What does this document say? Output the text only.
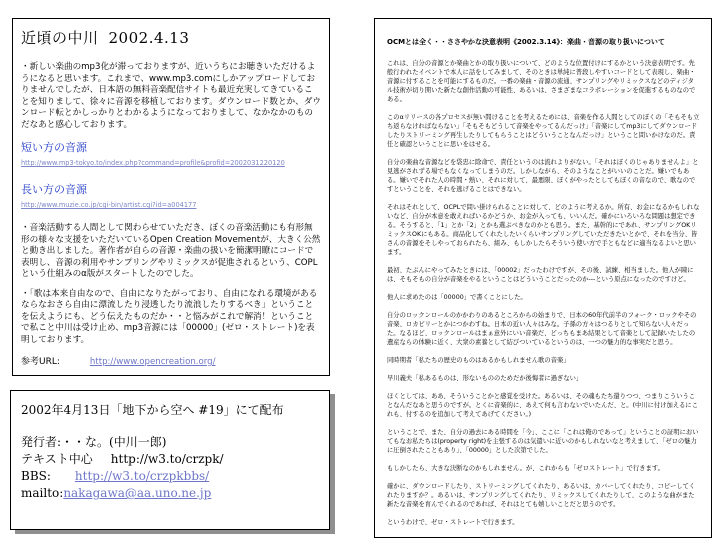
近頃の中川 2002.4.13

・新しい楽曲のmp3化が滞っておりますが、近いうちにお聴きいただけるようになると思います。これまで、www.mp3.comにしかアップロードしておりませんでしたが、日本語の無料音楽配信サイトも最近充実してきていることを知りまして、徐々に音源を移植しております。ダウンロード数とか、ダウンロード転とかしっかりとわかるようになっておりまして、なかなかのものだなあと感心しております。

短い方の音源
http://www.mp3-tokyo.to/index.php?command=profile&profid=2002031220120
長い方の音源
http://www.muzie.co.jp/cgi-bin/artist.cgi?id=a004177

・音楽活動する人間として関わらせていただき、ぼくの音楽活動にも有形無形の様々な支援をいただいているOpen Creation Movementが、大きく公然と動き出しました。著作者が自らの音源・楽曲の扱いを簡潔明瞭にコードで表明し、音源の利用やサンプリングやリミックスが促進されるという、COPLという仕組みのα版がスタートしたのでした。

・「歌は本来自由なので、自由になりたがっており、自由になれる環境があるならなおさら自由に漂流したり浸透したり流浪したりするべき」ということを伝えようにも、どう伝えたものだか・・と悩みがこれで解消！ということで私こと中川は受け止め、mp3音源には「00000」(ゼロ・ストレート)を表明しております。

参考URL:	http://www.opencreation.org/
2002年4月13日「地下から空へ #19」にて配布
発行者:・・な。(中川一郎)
テキスト中心 http://w3.to/crzpk/
BBS: http://w3.to/crzpkbbs/
mailto:nakagawa@aa.uno.ne.jp
OCMとは全く・・ささやかな決意表明《2002.3.14》：楽曲・音源の取り扱いについて

これは、自分の音源とか楽曲とかの取り扱いについて、どのような位置付けにするかという決意表明です。先般行われたイベントで本人に話をしてみまして、そのときは単純に普段しやすいコードとして表現し、楽曲・音源に付することを可能にするものだ。一番の楽曲・音源の流通、サンプリングやリミックスなどのディジタル技術が切り開いた新たな創作活動の可能性、あるいは、さまざまなコラボレーションを促進するものなのである。

このαリリースの各プロセスが無い間けることを考えるためには、音楽を作る人間としてのぼくの「そもそも立ち返らなければならない」「そもそもどうして音楽をやってるんだっけ」「音楽にしてmp3にしてダウンロードしたりストリーミング再生したりしてもらうことはどういうことなんだっけ」ということ問いかけなのだ。責任と確認ということに思いをはせる。

自分の楽曲な音源などを袋忠に除命で、責任というのは流れよりがない。「それはぼくのじゃありませんよ」と見逃がされずる場でもなくなってしまうのだ。しかしながら、そのようなことがいいのことだ。嫌いでもある。嫌いでそれた人の時間・熱い、それに対して、最悪限、ぼくがやったとしてもぼくの音なので、歌なのですということを、それを逃げることはできない。

それはそれとして、OCPLで問い掛けられることに対して、どのように考えるか。所有、お金になるかもしれないなど、自分が本意を敢えればいるかどうか、お金が入っても、いいんだ。確かにいろいろな問題は想定できる。そうすると、「1」とか「2」とかも選ぶべきなのかとも思う。また、基幹的にであれ、サンプリングOKリミックスOKにもある。商品化してくれたしたいくらいサンプリングしていただきたいとかで、それを当分、皆さんの音源をそしやっておられたら、組み、もしかしたらそういう使い方で手ともなどに適当なるよいと思います。

最初、たぶんにやってみたときには、「00002」だったわけですが、その後、試練、相当ました。他人が陳には、そもそもの自分が音楽をやるということはどういうことだったのか---という原点になったのですけど。

他人に求めたのは「00000」で書くことにした。

自分のロックンロールのかかわりのあるところからの始まりで、日本の60年代前半のフォーク・ロックやその音楽、ロカビリーとかにつかわすね。日本の近い人々はみな。子孫の方々はつるりとして知らない人々だった。なるほど、ロックンロールはまぁ意外にいい音楽だ、どっちもまあ結果として音楽として記録いたしたの遺産ならの体験に近く、大衆の素養として結びついているというのは、一つの魅力的な事実だと思う。

同時期者「私たちの歴史のものはあるかもしれません歌の音楽」

早川義夫「私あるものは、形ないもののためだか後悔者に過ぎない」

ほくとしては、ああ、そういうことかと感覚を受けた。あるいは、その魂もたち還りつつ、つまりこういうことなんだなあと思うのですが。とくに音楽的に、あえて何も言わないでいたんだ、と。(中川に付け加えるにこれも、付するのを追加して考えてあげてください。)

ということで、また、自分の過去にある時間を「今」、ここに「これは俺のであって」ということの証明においてもなお私たちは(property right)を主張するのは気遣いに近いのかもしれないなと考えまして、「ゼロの魅力に圧倒されたこともあり」、「00000」とした次第でした。

もしかしたら、大きな決断なのかもしれません。が、これからも「ゼロストレート」で行きます。

確かに、ダウンロードしたり、ストリーミングしてくれたり、あるいは、カバーしてくれたり、コピーしてくれたりますか？。あるいは、サンプリングしてくれたり、リミックスしてくれたりして、このような曲がまた新たな音楽を育んでくれるのであれば、それはとても嬉しいことだと思うのです。

というわけで、ゼロ・ストレートで行きます。
